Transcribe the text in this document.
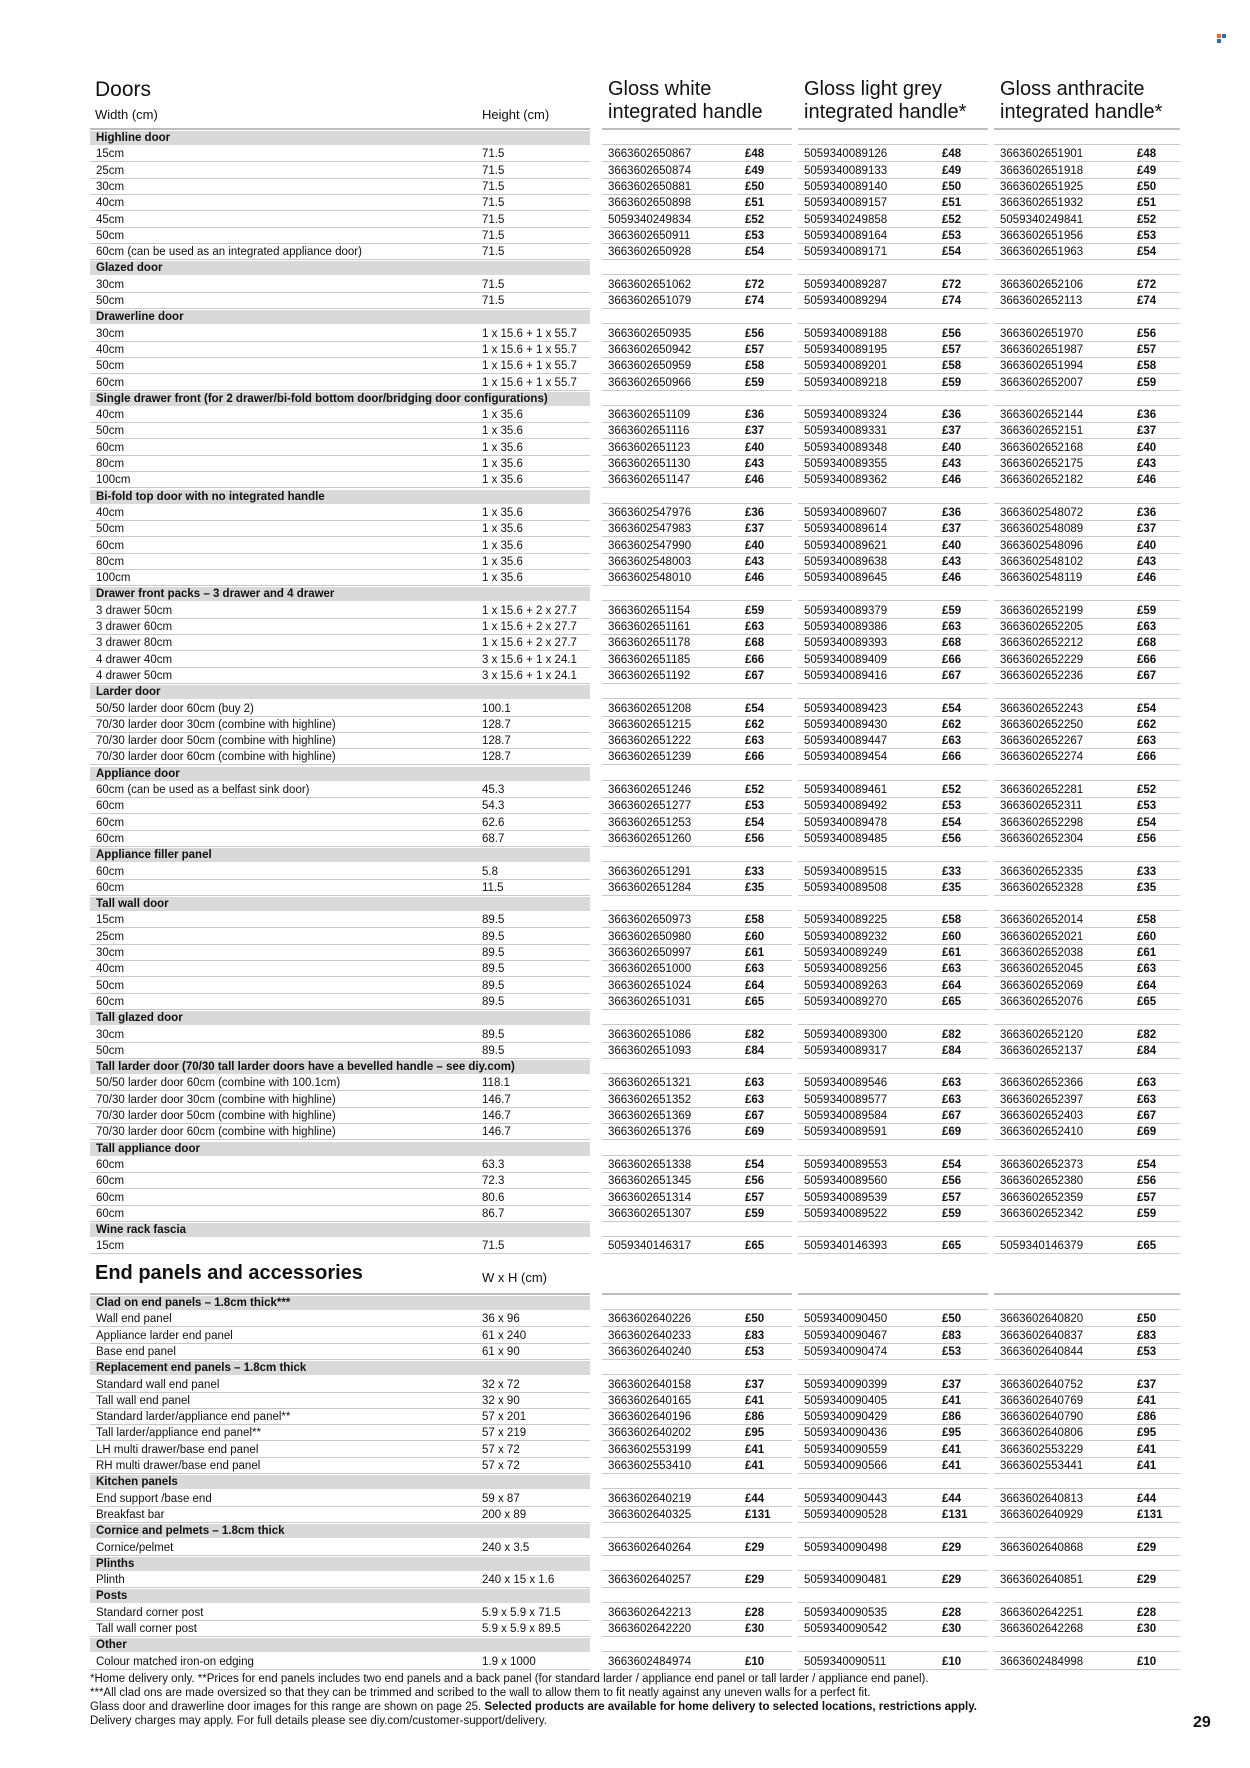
Doors
Width (cm)	Height (cm)
Gloss white
integrated handle
Gloss light grey
integrated handle*
Gloss anthracite
integrated handle*
Highline door
15cm	71.5	3663602650867	£48	5059340089126	£48	3663602651901	£48
25cm	71.5	3663602650874	£49	5059340089133	£49	3663602651918	£49
30cm	71.5	3663602650881	£50	5059340089140	£50	3663602651925	£50
40cm	71.5	3663602650898	£51	5059340089157	£51	3663602651932	£51
45cm	71.5	5059340249834	£52	5059340249858	£52	5059340249841	£52
50cm	71.5	3663602650911	£53	5059340089164	£53	3663602651956	£53
60cm (can be used as an integrated appliance door)	71.5	3663602650928	£54	5059340089171	£54	3663602651963	£54
Glazed door
30cm	71.5	3663602651062	£72	5059340089287	£72	3663602652106	£72
50cm	71.5	3663602651079	£74	5059340089294	£74	3663602652113	£74
Drawerline door
30cm	1 x 15.6 + 1 x 55.7	3663602650935	£56	5059340089188	£56	3663602651970	£56
40cm	1 x 15.6 + 1 x 55.7	3663602650942	£57	5059340089195	£57	3663602651987	£57
50cm	1 x 15.6 + 1 x 55.7	3663602650959	£58	5059340089201	£58	3663602651994	£58
60cm	1 x 15.6 + 1 x 55.7	3663602650966	£59	5059340089218	£59	3663602652007	£59
Single drawer front (for 2 drawer/bi-fold bottom door/bridging door configurations)
40cm	1 x 35.6	3663602651109	£36	5059340089324	£36	3663602652144	£36
50cm	1 x 35.6	3663602651116	£37	5059340089331	£37	3663602652151	£37
60cm	1 x 35.6	3663602651123	£40	5059340089348	£40	3663602652168	£40
80cm	1 x 35.6	3663602651130	£43	5059340089355	£43	3663602652175	£43
100cm	1 x 35.6	3663602651147	£46	5059340089362	£46	3663602652182	£46
Bi-fold top door with no integrated handle
40cm	1 x 35.6	3663602547976	£36	5059340089607	£36	3663602548072	£36
50cm	1 x 35.6	3663602547983	£37	5059340089614	£37	3663602548089	£37
60cm	1 x 35.6	3663602547990	£40	5059340089621	£40	3663602548096	£40
80cm	1 x 35.6	3663602548003	£43	5059340089638	£43	3663602548102	£43
100cm	1 x 35.6	3663602548010	£46	5059340089645	£46	3663602548119	£46
Drawer front packs – 3 drawer and 4 drawer
3 drawer 50cm	1 x 15.6 + 2 x 27.7	3663602651154	£59	5059340089379	£59	3663602652199	£59
3 drawer 60cm	1 x 15.6 + 2 x 27.7	3663602651161	£63	5059340089386	£63	3663602652205	£63
3 drawer 80cm	1 x 15.6 + 2 x 27.7	3663602651178	£68	5059340089393	£68	3663602652212	£68
4 drawer 40cm	3 x 15.6 + 1 x 24.1	3663602651185	£66	5059340089409	£66	3663602652229	£66
4 drawer 50cm	3 x 15.6 + 1 x 24.1	3663602651192	£67	5059340089416	£67	3663602652236	£67
Larder door
50/50 larder door 60cm (buy 2)	100.1	3663602651208	£54	5059340089423	£54	3663602652243	£54
70/30 larder door 30cm (combine with highline)	128.7	3663602651215	£62	5059340089430	£62	3663602652250	£62
70/30 larder door 50cm (combine with highline)	128.7	3663602651222	£63	5059340089447	£63	3663602652267	£63
70/30 larder door 60cm (combine with highline)	128.7	3663602651239	£66	5059340089454	£66	3663602652274	£66
Appliance door
60cm (can be used as a belfast sink door)	45.3	3663602651246	£52	5059340089461	£52	3663602652281	£52
60cm	54.3	3663602651277	£53	5059340089492	£53	3663602652311	£53
60cm	62.6	3663602651253	£54	5059340089478	£54	3663602652298	£54
60cm	68.7	3663602651260	£56	5059340089485	£56	3663602652304	£56
Appliance filler panel
60cm	5.8	3663602651291	£33	5059340089515	£33	3663602652335	£33
60cm	11.5	3663602651284	£35	5059340089508	£35	3663602652328	£35
Tall wall door
15cm	89.5	3663602650973	£58	5059340089225	£58	3663602652014	£58
25cm	89.5	3663602650980	£60	5059340089232	£60	3663602652021	£60
30cm	89.5	3663602650997	£61	5059340089249	£61	3663602652038	£61
40cm	89.5	3663602651000	£63	5059340089256	£63	3663602652045	£63
50cm	89.5	3663602651024	£64	5059340089263	£64	3663602652069	£64
60cm	89.5	3663602651031	£65	5059340089270	£65	3663602652076	£65
Tall glazed door
30cm	89.5	3663602651086	£82	5059340089300	£82	3663602652120	£82
50cm	89.5	3663602651093	£84	5059340089317	£84	3663602652137	£84
Tall larder door (70/30 tall larder doors have a bevelled handle – see diy.com)
50/50 larder door 60cm (combine with 100.1cm)	118.1	3663602651321	£63	5059340089546	£63	3663602652366	£63
70/30 larder door 30cm (combine with highline)	146.7	3663602651352	£63	5059340089577	£63	3663602652397	£63
70/30 larder door 50cm (combine with highline)	146.7	3663602651369	£67	5059340089584	£67	3663602652403	£67
70/30 larder door 60cm (combine with highline)	146.7	3663602651376	£69	5059340089591	£69	3663602652410	£69
Tall appliance door
60cm	63.3	3663602651338	£54	5059340089553	£54	3663602652373	£54
60cm	72.3	3663602651345	£56	5059340089560	£56	3663602652380	£56
60cm	80.6	3663602651314	£57	5059340089539	£57	3663602652359	£57
60cm	86.7	3663602651307	£59	5059340089522	£59	3663602652342	£59
Wine rack fascia
15cm	71.5	5059340146317	£65	5059340146393	£65	5059340146379	£65
End panels and accessories	W x H (cm)
Clad on end panels – 1.8cm thick***
Wall end panel	36 x 96	3663602640226	£50	5059340090450	£50	3663602640820	£50
Appliance larder end panel	61 x 240	3663602640233	£83	5059340090467	£83	3663602640837	£83
Base end panel	61 x 90	3663602640240	£53	5059340090474	£53	3663602640844	£53
Replacement end panels – 1.8cm thick
Standard wall end panel	32 x 72	3663602640158	£37	5059340090399	£37	3663602640752	£37
Tall wall end panel	32 x 90	3663602640165	£41	5059340090405	£41	3663602640769	£41
Standard larder/appliance end panel**	57 x 201	3663602640196	£86	5059340090429	£86	3663602640790	£86
Tall larder/appliance end panel**	57 x 219	3663602640202	£95	5059340090436	£95	3663602640806	£95
LH multi drawer/base end panel	57 x 72	3663602553199	£41	5059340090559	£41	3663602553229	£41
RH multi drawer/base end panel	57 x 72	3663602553410	£41	5059340090566	£41	3663602553441	£41
Kitchen panels
End support /base end	59 x 87	3663602640219	£44	5059340090443	£44	3663602640813	£44
Breakfast bar	200 x 89	3663602640325	£131	5059340090528	£131	3663602640929	£131
Cornice and pelmets – 1.8cm thick
Cornice/pelmet	240 x 3.5	3663602640264	£29	5059340090498	£29	3663602640868	£29
Plinths
Plinth	240 x 15 x 1.6	3663602640257	£29	5059340090481	£29	3663602640851	£29
Posts
Standard corner post	5.9 x 5.9 x 71.5	3663602642213	£28	5059340090535	£28	3663602642251	£28
Tall wall corner post	5.9 x 5.9 x 89.5	3663602642220	£30	5059340090542	£30	3663602642268	£30
Other
Colour matched iron-on edging	1.9 x 1000	3663602484974	£10	5059340090511	£10	3663602484998	£10
*Home delivery only. **Prices for end panels includes two end panels and a back panel (for standard larder / appliance end panel or tall larder / appliance end panel).
***All clad ons are made oversized so that they can be trimmed and scribed to the wall to allow them to fit neatly against any uneven walls for a perfect fit.
Glass door and drawerline door images for this range are shown on page 25. Selected products are available for home delivery to selected locations, restrictions apply.
Delivery charges may apply. For full details please see diy.com/customer-support/delivery.	29
